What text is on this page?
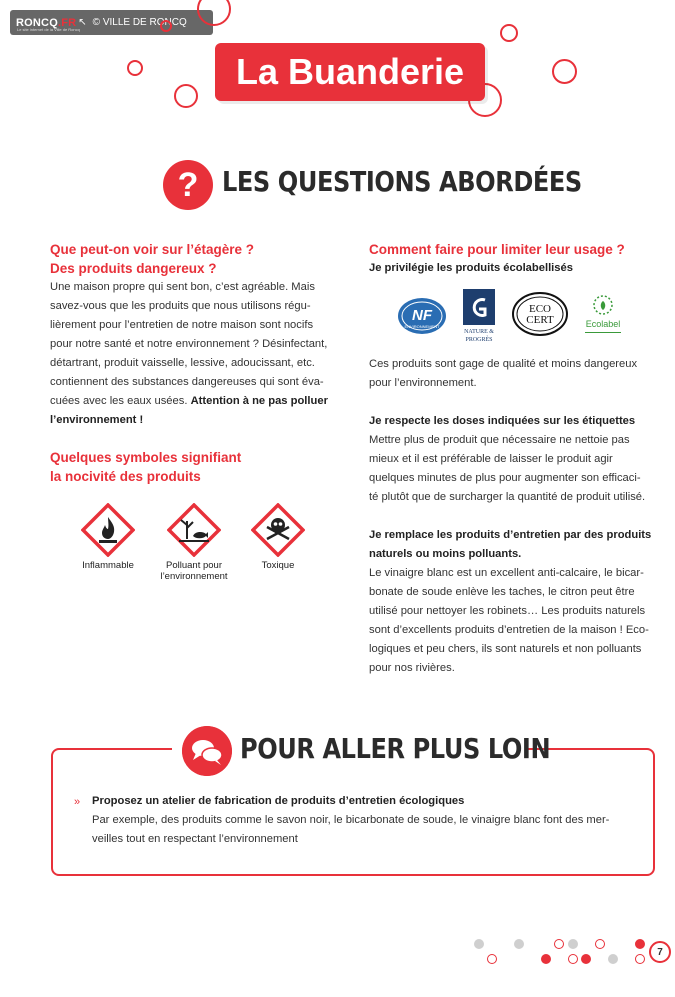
RONCQ.FR ↖ © VILLE DE RONCQ
Le site internet de la Ville de Roncq
La Buanderie
? LES QUESTIONS ABORDÉES
Que peut-on voir sur l’étagère ?
Des produits dangereux ?
Une maison propre qui sent bon, c’est agréable. Mais
savez-vous que les produits que nous utilisons régu-
lièrement pour l’entretien de notre maison sont nocifs
pour notre santé et notre environnement ? Désinfectant,
détartrant, produit vaisselle, lessive, adoucissant, etc.
contiennent des substances dangereuses qui sont éva-
cuées avec les eaux usées. Attention à ne pas polluer
l’environnement !
Quelques symboles signifiant
la nocivité des produits
Inflammable	Polluant pour
l’environnement
Toxique
Comment faire pour limiter leur usage ?
Je privilégie les produits écolabellisés
NF
ENVIRONNEMENT
NATURE &
PROGRÈS
ECO
CERT	Ecolabel
Ces produits sont gage de qualité et moins dangereux
pour l’environnement.
Je respecte les doses indiquées sur les étiquettes
Mettre plus de produit que nécessaire ne nettoie pas
mieux et il est préférable de laisser le produit agir
quelques minutes de plus pour augmenter son efficaci-
té plutôt que de surcharger la quantité de produit utilisé.
Je remplace les produits d’entretien par des produits
naturels ou moins polluants.
Le vinaigre blanc est un excellent anti-calcaire, le bicar-
bonate de soude enlève les taches, le citron peut être
utilisé pour nettoyer les robinets… Les produits naturels
sont d’excellents produits d’entretien de la maison ! Eco-
logiques et peu chers, ils sont naturels et non polluants
pour nos rivières.
POUR ALLER PLUS LOIN
» Proposez un atelier de fabrication de produits d’entretien écologiques
Par exemple, des produits comme le savon noir, le bicarbonate de soude, le vinaigre blanc font des mer-
veilles tout en respectant l’environnement
7
